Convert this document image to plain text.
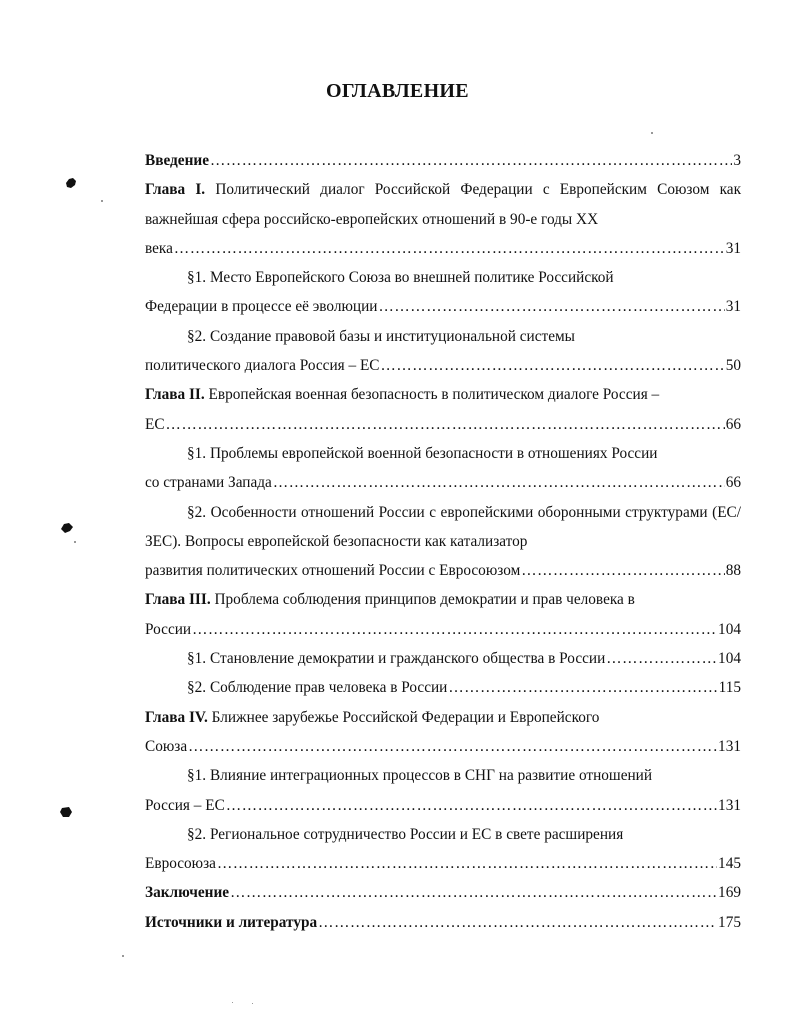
ОГЛАВЛЕНИЕ
Введение ……………………………………………………………………………………………………………………………………………………	3
Глава I. Политический диалог Российской Федерации с Европейским Союзом как важнейшая сфера российско-европейских отношений в 90-е годы XX
века ……………………………………………………………………………………………………………………………………………………	31
§1. Место Европейского Союза во внешней политике Российской
Федерации в процессе её эволюции ……………………………………………………………………………………………………………………………………………………	31
§2. Создание правовой базы и институциональной системы
политического диалога Россия – ЕС ……………………………………………………………………………………………………………………………………………………	50
Глава II. Европейская военная безопасность в политическом диалоге Россия –
ЕС ……………………………………………………………………………………………………………………………………………………	66
§1. Проблемы европейской военной безопасности в отношениях России
со странами Запада ……………………………………………………………………………………………………………………………………………………	66
§2. Особенности отношений России с европейскими оборонными структурами (ЕС/ЗЕС). Вопросы европейской безопасности как катализатор
развития политических отношений России с Евросоюзом ……………………………………………………………………………………………………………………………………………………	88
Глава III. Проблема соблюдения принципов демократии и прав человека в
России ……………………………………………………………………………………………………………………………………………………	104
§1. Становление демократии и гражданского общества в России ……………………………………………………………………………………………………………………………………………………	104
§2. Соблюдение прав человека в России ……………………………………………………………………………………………………………………………………………………	115
Глава IV. Ближнее зарубежье Российской Федерации и Европейского
Союза ……………………………………………………………………………………………………………………………………………………	131
§1. Влияние интеграционных процессов в СНГ на развитие отношений
Россия – ЕС ……………………………………………………………………………………………………………………………………………………	131
§2. Региональное сотрудничество России и ЕС в свете расширения
Евросоюза ……………………………………………………………………………………………………………………………………………………	145
Заключение ……………………………………………………………………………………………………………………………………………………	169
Источники и литература ……………………………………………………………………………………………………………………………………………………	175
